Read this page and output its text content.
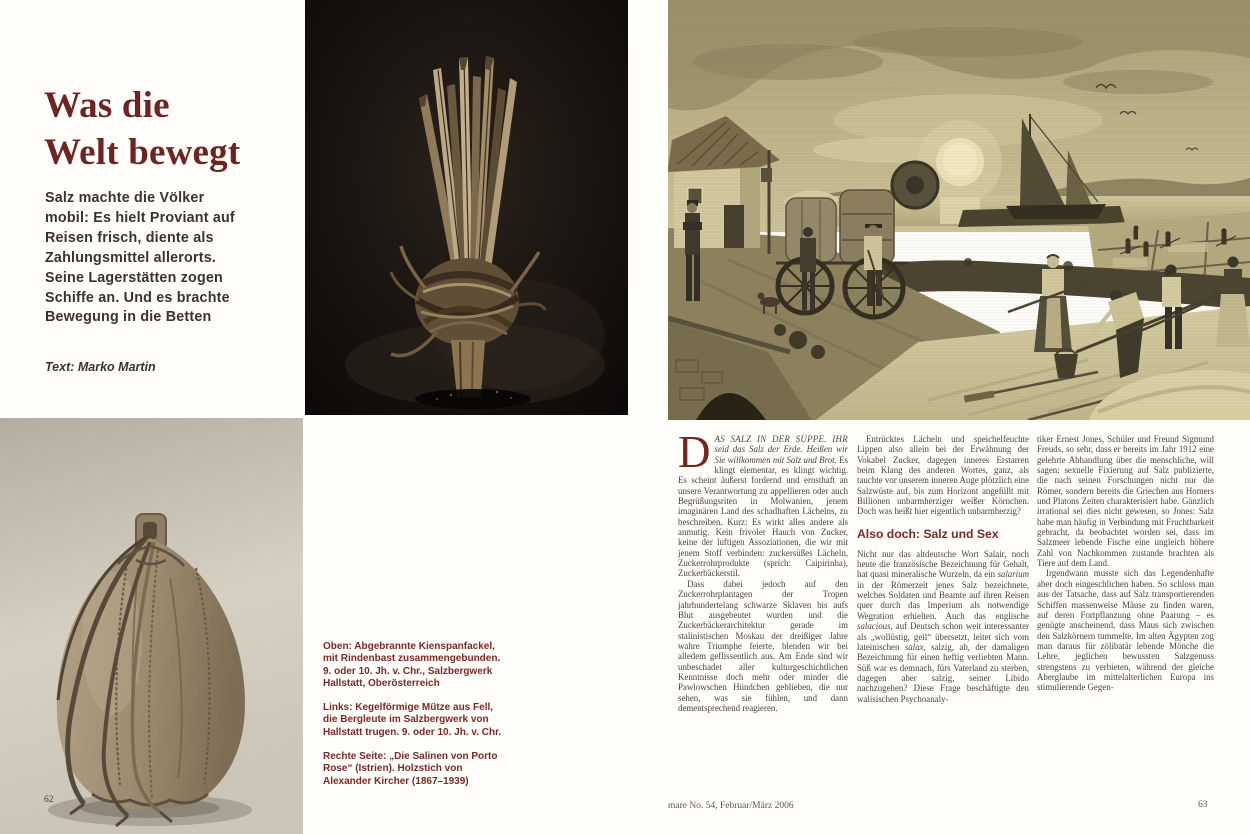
Was die
Welt bewegt
Salz machte die Völker mobil: Es hielt Proviant auf Reisen frisch, diente als Zahlungsmittel allerorts. Seine Lagerstätten zogen Schiffe an. Und es brachte Bewegung in die Betten
Text: Marko Martin
62

Oben: Abgebrannte Kienspanfackel, mit Rindenbast zusammengebunden. 9. oder 10. Jh. v. Chr., Salzbergwerk Hallstatt, Oberösterreich

Links: Kegelförmige Mütze aus Fell, die Bergleute im Salzbergwerk von Hallstatt trugen. 9. oder 10. Jh. v. Chr.

Rechte Seite: „Die Salinen von Porto Rose“ (Istrien). Holzstich von Alexander Kircher (1867–1939)

DAS SALZ IN DER SUPPE. IHR seid das Salz der Erde. Heißen wir Sie willkommen mit Salz und Brot. Es klingt elementar, es klingt wichtig. Es scheint äußerst fordernd und ernsthaft an unsere Verantwortung zu appellieren oder auch Begrüßungsriten in Molwanien, jenem imaginären Land des schadhaften Lächelns, zu beschreiben. Kurz: Es wirkt alles andere als anmutig. Kein frivoler Hauch von Zucker, keine der luftigen Assoziationen, die wir mit jenem Stoff verbinden: zuckersüßes Lächeln, Zuckerrohrprodukte (sprich: Caipirinha), Zuckerbäckerstil.

Dass dabei jedoch auf den Zuckerrohrplantagen der Tropen jahrhundertelang schwarze Sklaven bis aufs Blut ausgebeutet wurden und die Zuckerbäckerarchitektur gerade im stalinistischen Moskau der dreißiger Jahre wahre Triumphe feierte, blenden wir bei alledem geflissentlich aus. Am Ende sind wir unbeschadet aller kulturgeschichtlichen Kenntnisse doch mehr oder minder die Pawlowschen Hündchen geblieben, die nur sehen, was sie fühlen, und dann dementsprechend reagieren.

Entrücktes Lächeln und speichelfeuchte Lippen also allein bei der Erwähnung der Vokabel Zucker, dagegen inneres Erstarren beim Klang des anderen Wortes, ganz, als tauchte vor unserem inneren Auge plötzlich eine Salzwüste auf, bis zum Horizont angefüllt mit Billionen unbarmherziger weißer Körnchen. Doch was heißt hier eigentlich unbarmherzig?

Also doch: Salz und Sex

Nicht nur das altdeutsche Wort Salair, noch heute die französische Bezeichnung für Gehalt, hat quasi mineralische Wurzeln, da ein salarium in der Römerzeit jenes Salz bezeichnete, welches Soldaten und Beamte auf ihren Reisen quer durch das Imperium als notwendige Wegration erhielten. Auch das englische salacious, auf Deutsch schon weit interessanter als „wollüstig, geil“ übersetzt, leitet sich vom lateinischen salax, salzig, ab, der damaligen Bezeichnung für einen heftig verliebten Mann. Süß war es demnach, fürs Vaterland zu sterben, dagegen aber salzig, seiner Libido nachzugehen? Diese Frage beschäftigte den walisischen Psychoanaly-

tiker Ernest Jones, Schüler und Freund Sigmund Freuds, so sehr, dass er bereits im Jahr 1912 eine gelehrte Abhandlung über die menschliche, will sagen: sexuelle Fixierung auf Salz publizierte, die nach seinen Forschungen nicht nur die Römer, sondern bereits die Griechen aus Homers und Platons Zeiten charakterisiert habe. Gänzlich irrational sei dies nicht gewesen, so Jones: Salz habe man häufig in Verbindung mit Fruchtbarkeit gebracht, da beobachtet worden sei, dass im Salzmeer lebende Fische eine ungleich höhere Zahl von Nachkommen zustande brachten als Tiere auf dem Land.

Irgendwann musste sich das Legendenhafte aber doch eingeschlichen haben. So schloss man aus der Tatsache, dass auf Salz transportierenden Schiffen massenweise Mäuse zu finden waren, auf deren Fortpflanzung ohne Paarung – es genügte anscheinend, dass Maus sich zwischen den Salzkörnern tummelte. Im alten Ägypten zog man daraus für zölibatär lebende Mönche die Lehre, jeglichen bewussten Salzgenuss strengstens zu verbieten, während der gleiche Aberglaube im mittelalterlichen Europa ins stimulierende Gegen-

mare No. 54, Februar/März 2006	63
